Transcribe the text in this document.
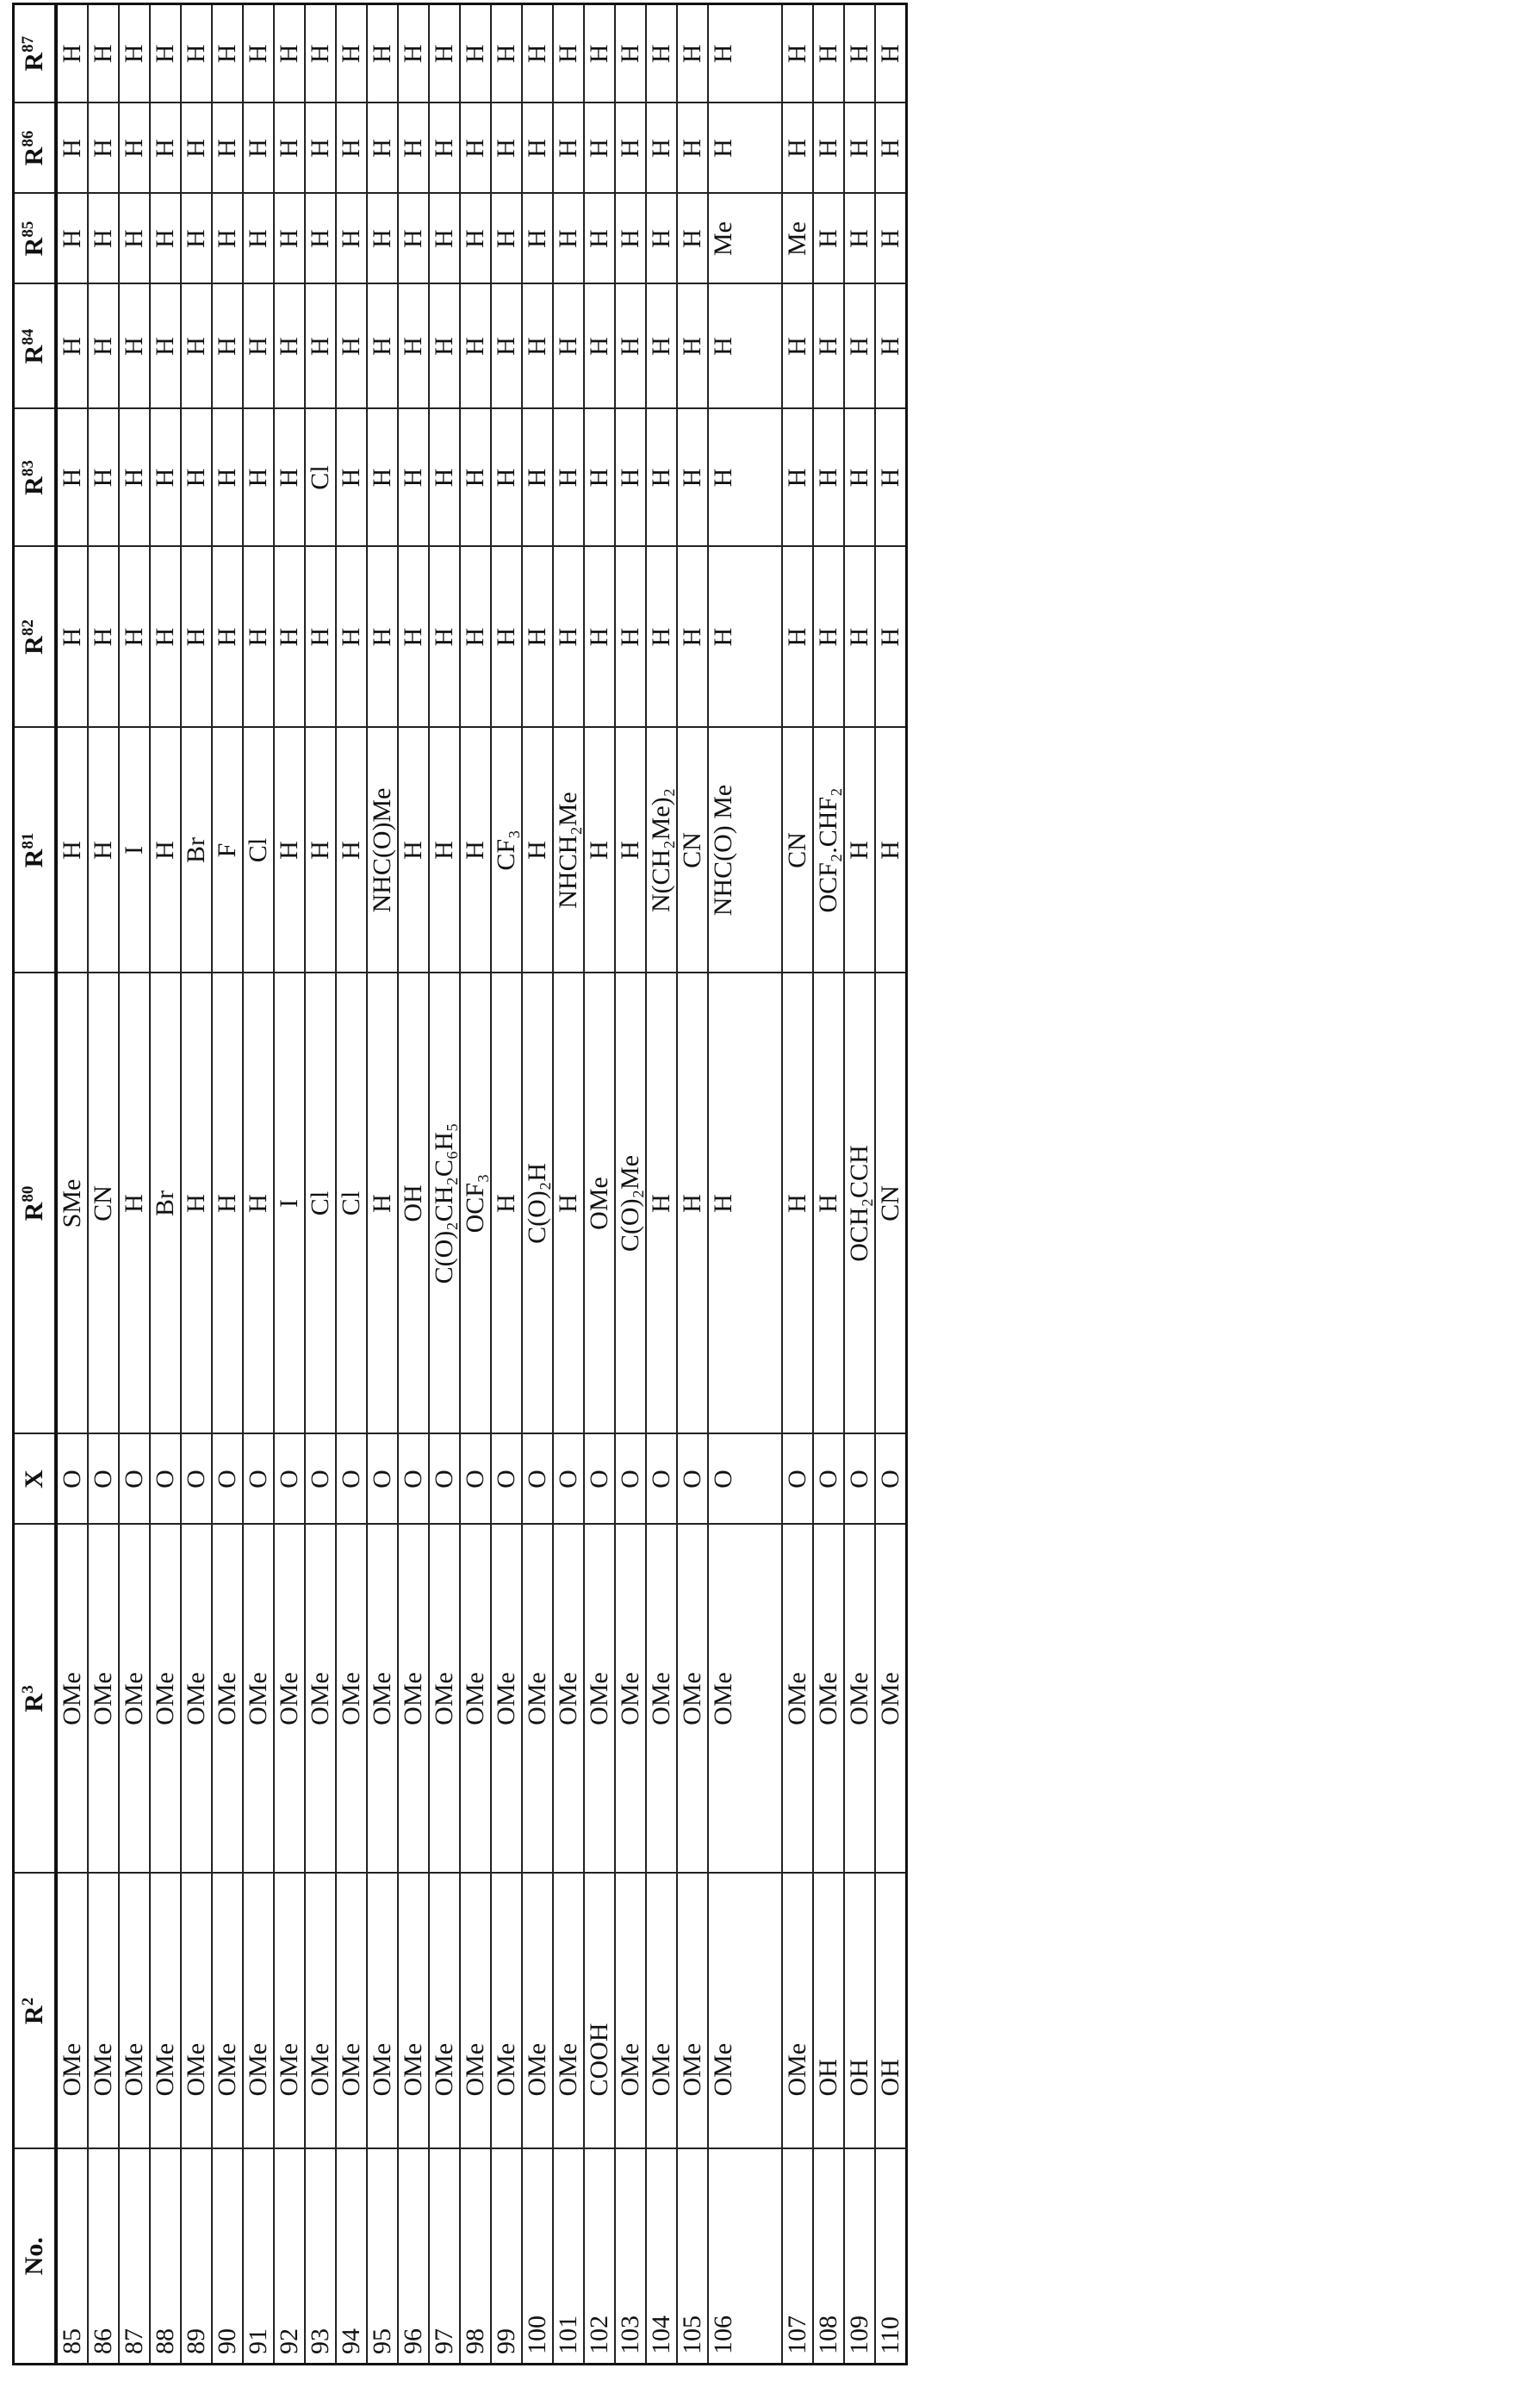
No.	$R^2$	$R^3$	X	$R^{80}$	$R^{81}$	$R^{82}$	$R^{83}$	$R^{84}$	$R^{85}$	$R^{86}$	$R^{87}$
85	OMe	OMe	O	SMe	H	H	H	H	H	H	H
86	OMe	OMe	O	CN	H	H	H	H	H	H	H
87	OMe	OMe	O	H	I	H	H	H	H	H	H
88	OMe	OMe	O	Br	H	H	H	H	H	H	H
89	OMe	OMe	O	H	Br	H	H	H	H	H	H
90	OMe	OMe	O	H	F	H	H	H	H	H	H
91	OMe	OMe	O	H	Cl	H	H	H	H	H	H
92	OMe	OMe	O	I	H	H	H	H	H	H	H
93	OMe	OMe	O	Cl	H	H	Cl	H	H	H	H
94	OMe	OMe	O	Cl	H	H	H	H	H	H	H
95	OMe	OMe	O	H	NHC(O)Me	H	H	H	H	H	H
96	OMe	OMe	O	OH	H	H	H	H	H	H	H
97	OMe	OMe	O	C(O)₂CH₂C₆H₅	H	H	H	H	H	H	H
98	OMe	OMe	O	OCF₃	H	H	H	H	H	H	H
99	OMe	OMe	O	H	CF₃	H	H	H	H	H	H
100	OMe	OMe	O	C(O)₂H	H	H	H	H	H	H	H
101	OMe	OMe	O	H	NHCH₂Me	H	H	H	H	H	H
102	COOH	OMe	O	OMe	H	H	H	H	H	H	H
103	OMe	OMe	O	C(O)₂Me	H	H	H	H	H	H	H
104	OMe	OMe	O	H	N(CH₂Me)₂	H	H	H	H	H	H
105	OMe	OMe	O	H	CN	H	H	H	H	H	H
106	OMe	OMe	O	H	NHC(O) Me	H	H	H	Me	H	H
107	OMe	OMe	O	H	CN	H	H	H	Me	H	H
108	OH	OMe	O	H	OCF₂.CHF₂	H	H	H	H	H	H
109	OH	OMe	O	OCH₂CCH	H	H	H	H	H	H	H
110	OH	OMe	O	CN	H	H	H	H	H	H	H
